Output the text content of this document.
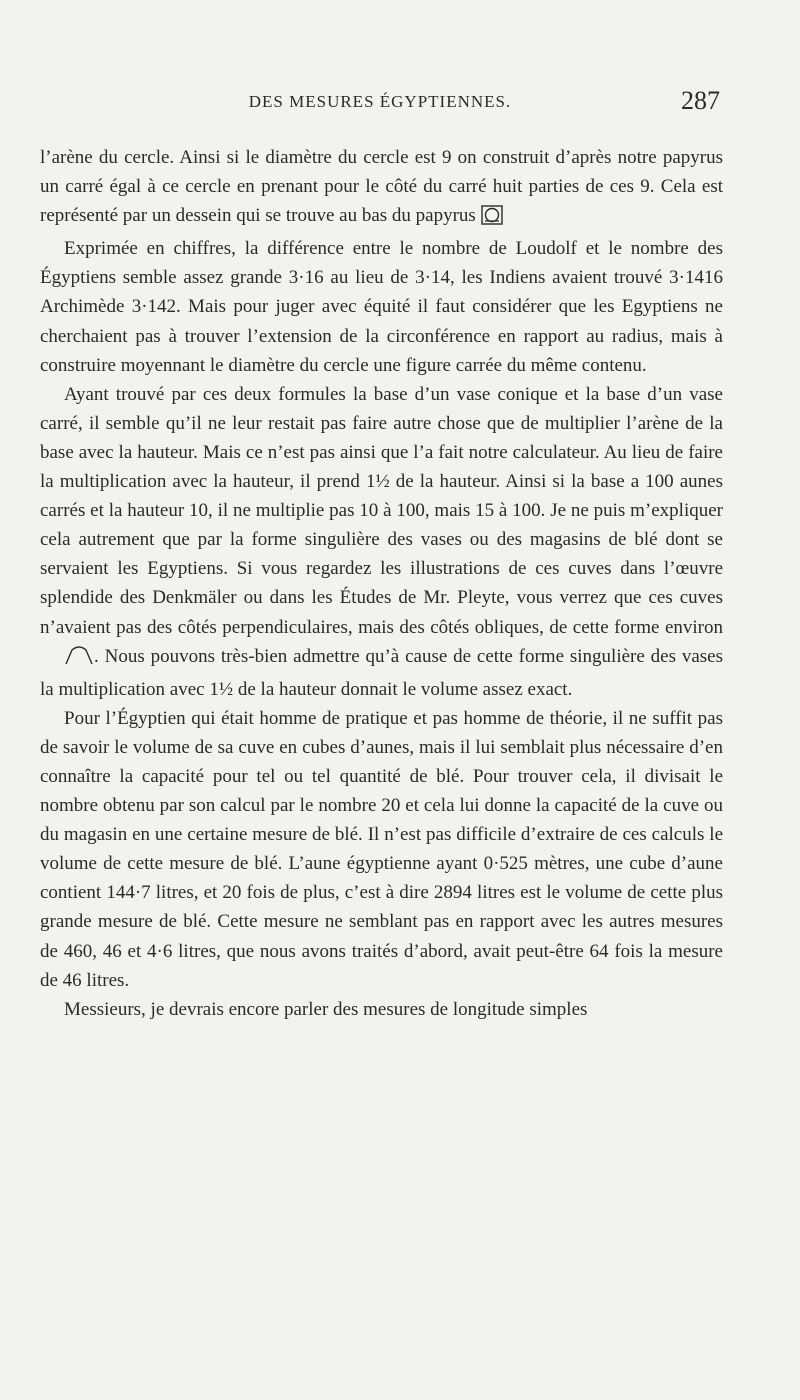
DES MESURES ÉGYPTIENNES.	287

l’arène du cercle. Ainsi si le diamètre du cercle est 9 on construit d’après notre papyrus un carré égal à ce cercle en prenant pour le côté du carré huit parties de ces 9. Cela est représenté par un dessein qui se trouve au bas du papyrus

Exprimée en chiffres, la différence entre le nombre de Loudolf et le nombre des Égyptiens semble assez grande 3·16 au lieu de 3·14, les Indiens avaient trouvé 3·1416 Archimède 3·142. Mais pour juger avec équité il faut considérer que les Egyptiens ne cherchaient pas à trouver l’extension de la circonférence en rapport au radius, mais à construire moyennant le diamètre du cercle une figure carrée du même contenu.

Ayant trouvé par ces deux formules la base d’un vase conique et la base d’un vase carré, il semble qu’il ne leur restait pas faire autre chose que de multiplier l’arène de la base avec la hauteur. Mais ce n’est pas ainsi que l’a fait notre calculateur. Au lieu de faire la multiplication avec la hauteur, il prend 1½ de la hauteur. Ainsi si la base a 100 aunes carrés et la hauteur 10, il ne multiplie pas 10 à 100, mais 15 à 100. Je ne puis m’expliquer cela autrement que par la forme singulière des vases ou des magasins de blé dont se servaient les Egyptiens. Si vous regardez les illustrations de ces cuves dans l’œuvre splendide des Denkmäler ou dans les Études de Mr. Pleyte, vous verrez que ces cuves n’avaient pas des côtés perpendiculaires, mais des côtés obliques, de cette forme environ . Nous pouvons très-bien admettre qu’à cause de cette forme singulière des vases la multiplication avec 1½ de la hauteur donnait le volume assez exact.

Pour l’Égyptien qui était homme de pratique et pas homme de théorie, il ne suffit pas de savoir le volume de sa cuve en cubes d’aunes, mais il lui semblait plus nécessaire d’en connaître la capacité pour tel ou tel quantité de blé. Pour trouver cela, il divisait le nombre obtenu par son calcul par le nombre 20 et cela lui donne la capacité de la cuve ou du magasin en une certaine mesure de blé. Il n’est pas difficile d’extraire de ces calculs le volume de cette mesure de blé. L’aune égyptienne ayant 0·525 mètres, une cube d’aune contient 144·7 litres, et 20 fois de plus, c’est à dire 2894 litres est le volume de cette plus grande mesure de blé. Cette mesure ne semblant pas en rapport avec les autres mesures de 460, 46 et 4·6 litres, que nous avons traités d’abord, avait peut-être 64 fois la mesure de 46 litres.

Messieurs, je devrais encore parler des mesures de longitude simples
